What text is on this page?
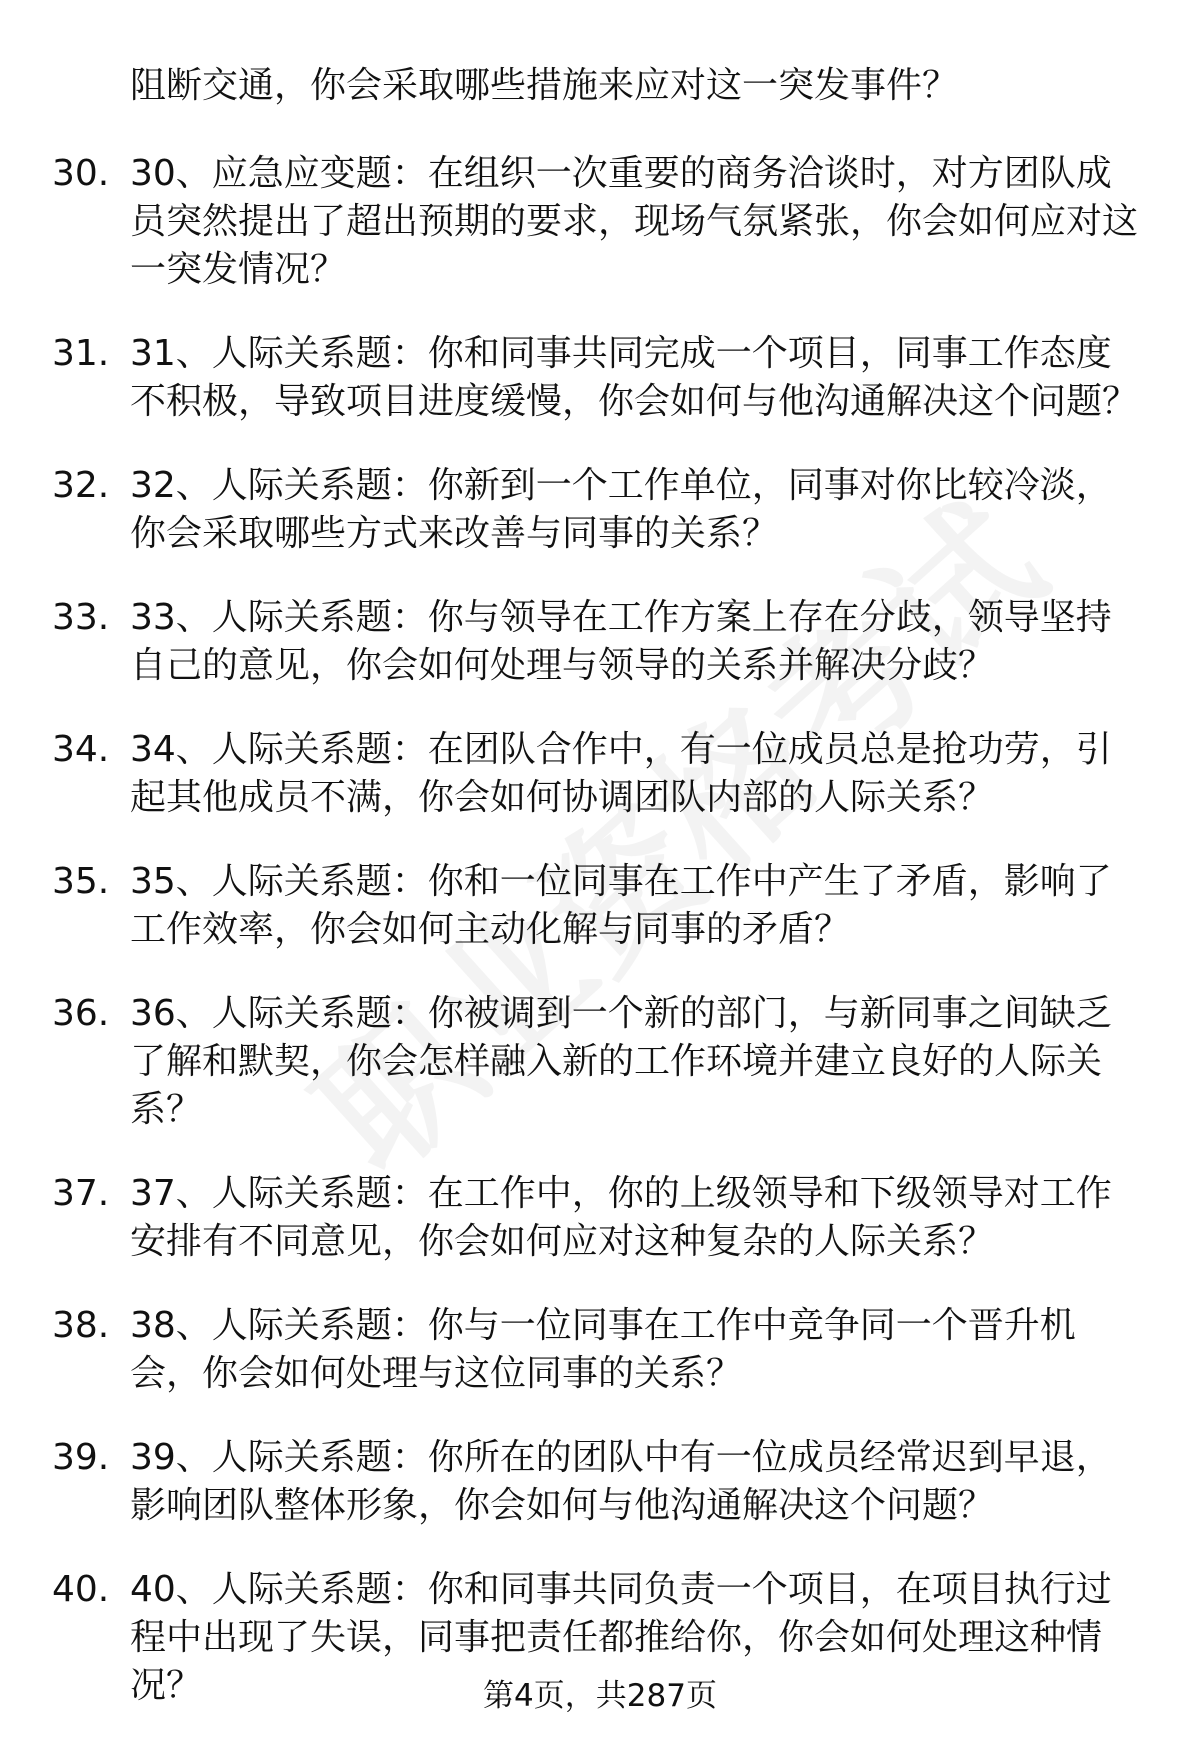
阻断交通，你会采取哪些措施来应对这一突发事件？
30. 30、应急应变题：在组织一次重要的商务洽谈时，对方团队成员突然提出了超出预期的要求，现场气氛紧张，你会如何应对这一突发情况？
31. 31、人际关系题：你和同事共同完成一个项目，同事工作态度不积极，导致项目进度缓慢，你会如何与他沟通解决这个问题？
32. 32、人际关系题：你新到一个工作单位，同事对你比较冷淡，你会采取哪些方式来改善与同事的关系？
33. 33、人际关系题：你与领导在工作方案上存在分歧，领导坚持自己的意见，你会如何处理与领导的关系并解决分歧？
34. 34、人际关系题：在团队合作中，有一位成员总是抢功劳，引起其他成员不满，你会如何协调团队内部的人际关系？
35. 35、人际关系题：你和一位同事在工作中产生了矛盾，影响了工作效率，你会如何主动化解与同事的矛盾？
36. 36、人际关系题：你被调到一个新的部门，与新同事之间缺乏了解和默契，你会怎样融入新的工作环境并建立良好的人际关系？
37. 37、人际关系题：在工作中，你的上级领导和下级领导对工作安排有不同意见，你会如何应对这种复杂的人际关系？
38. 38、人际关系题：你与一位同事在工作中竞争同一个晋升机会，你会如何处理与这位同事的关系？
39. 39、人际关系题：你所在的团队中有一位成员经常迟到早退，影响团队整体形象，你会如何与他沟通解决这个问题？
40. 40、人际关系题：你和同事共同负责一个项目，在项目执行过程中出现了失误，同事把责任都推给你，你会如何处理这种情况？	第4页，共287页
